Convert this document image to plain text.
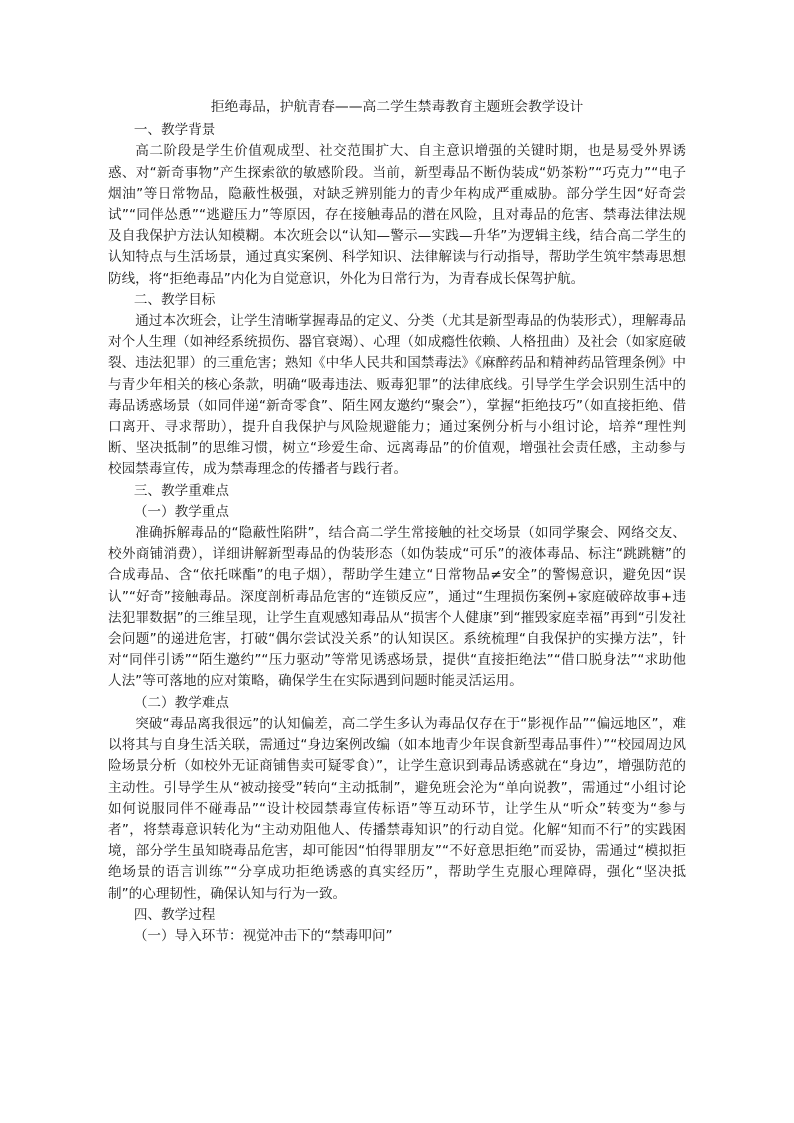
拒绝毒品，护航青春——高二学生禁毒教育主题班会教学设计
一、教学背景

高二阶段是学生价值观成型、社交范围扩大、自主意识增强的关键时期，也是易受外界诱惑、对“新奇事物”产生探索欲的敏感阶段。当前，新型毒品不断伪装成“奶茶粉”“巧克力”“电子烟油”等日常物品，隐蔽性极强，对缺乏辨别能力的青少年构成严重威胁。部分学生因“好奇尝试”“同伴怂恿”“逃避压力”等原因，存在接触毒品的潜在风险，且对毒品的危害、禁毒法律法规及自我保护方法认知模糊。本次班会以“认知—警示—实践—升华”为逻辑主线，结合高二学生的认知特点与生活场景，通过真实案例、科学知识、法律解读与行动指导，帮助学生筑牢禁毒思想防线，将“拒绝毒品”内化为自觉意识，外化为日常行为，为青春成长保驾护航。

二、教学目标

通过本次班会，让学生清晰掌握毒品的定义、分类（尤其是新型毒品的伪装形式），理解毒品对个人生理（如神经系统损伤、器官衰竭）、心理（如成瘾性依赖、人格扭曲）及社会（如家庭破裂、违法犯罪）的三重危害；熟知《中华人民共和国禁毒法》《麻醉药品和精神药品管理条例》中与青少年相关的核心条款，明确“吸毒违法、贩毒犯罪”的法律底线。引导学生学会识别生活中的毒品诱惑场景（如同伴递“新奇零食”、陌生网友邀约“聚会”），掌握“拒绝技巧”（如直接拒绝、借口离开、寻求帮助），提升自我保护与风险规避能力；通过案例分析与小组讨论，培养“理性判断、坚决抵制”的思维习惯，树立“珍爱生命、远离毒品”的价值观，增强社会责任感，主动参与校园禁毒宣传，成为禁毒理念的传播者与践行者。

三、教学重难点
（一）教学重点

准确拆解毒品的“隐蔽性陷阱”，结合高二学生常接触的社交场景（如同学聚会、网络交友、校外商铺消费），详细讲解新型毒品的伪装形态（如伪装成“可乐”的液体毒品、标注“跳跳糖”的合成毒品、含“依托咪酯”的电子烟），帮助学生建立“日常物品≠安全”的警惕意识，避免因“误认”“好奇”接触毒品。深度剖析毒品危害的“连锁反应”，通过“生理损伤案例+家庭破碎故事+违法犯罪数据”的三维呈现，让学生直观感知毒品从“损害个人健康”到“摧毁家庭幸福”再到“引发社会问题”的递进危害，打破“偶尔尝试没关系”的认知误区。系统梳理“自我保护的实操方法”，针对“同伴引诱”“陌生邀约”“压力驱动”等常见诱惑场景，提供“直接拒绝法”“借口脱身法”“求助他人法”等可落地的应对策略，确保学生在实际遇到问题时能灵活运用。

（二）教学难点

突破“毒品离我很远”的认知偏差，高二学生多认为毒品仅存在于“影视作品”“偏远地区”，难以将其与自身生活关联，需通过“身边案例改编（如本地青少年误食新型毒品事件）”“校园周边风险场景分析（如校外无证商铺售卖可疑零食）”，让学生意识到毒品诱惑就在“身边”，增强防范的主动性。引导学生从“被动接受”转向“主动抵制”，避免班会沦为“单向说教”，需通过“小组讨论如何说服同伴不碰毒品”“设计校园禁毒宣传标语”等互动环节，让学生从“听众”转变为“参与者”，将禁毒意识转化为“主动劝阻他人、传播禁毒知识”的行动自觉。化解“知而不行”的实践困境，部分学生虽知晓毒品危害，却可能因“怕得罪朋友”“不好意思拒绝”而妥协，需通过“模拟拒绝场景的语言训练”“分享成功拒绝诱惑的真实经历”，帮助学生克服心理障碍，强化“坚决抵制”的心理韧性，确保认知与行为一致。

四、教学过程
（一）导入环节：视觉冲击下的“禁毒叩问”
